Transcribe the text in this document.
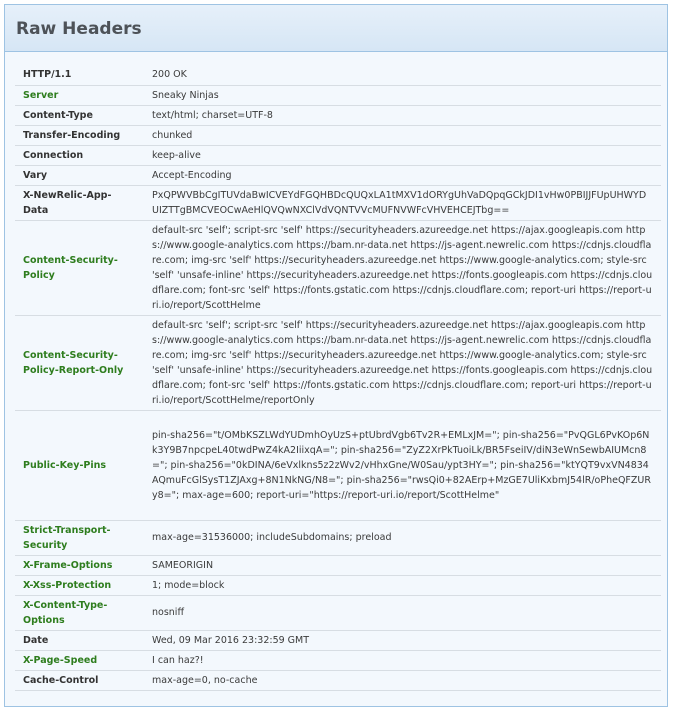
Raw Headers
HTTP/1.1	200 OK
Server	Sneaky Ninjas
Content-Type	text/html; charset=UTF-8
Transfer-Encoding	chunked
Connection	keep-alive
Vary	Accept-Encoding
X-NewRelic-App-Data	PxQPWVBbCgITUVdaBwICVEYdFGQHBDcQUQxLA1tMXV1dORYgUhVaDQpqGCkJDI1vHw0PBIJJFUpUHWYDUIZTTgBMCVEOCwAeHlQVQwNXClVdVQNTVVcMUFNVWFcVHVEHCEJTbg==
Content-Security-Policy	default-src 'self'; script-src 'self' https://securityheaders.azureedge.net https://ajax.googleapis.com https://www.google-analytics.com https://bam.nr-data.net https://js-agent.newrelic.com https://cdnjs.cloudflare.com; img-src 'self' https://securityheaders.azureedge.net https://www.google-analytics.com; style-src 'self' 'unsafe-inline' https://securityheaders.azureedge.net https://fonts.googleapis.com https://cdnjs.cloudflare.com; font-src 'self' https://fonts.gstatic.com https://cdnjs.cloudflare.com; report-uri https://report-uri.io/report/ScottHelme
Content-Security-Policy-Report-Only	default-src 'self'; script-src 'self' https://securityheaders.azureedge.net https://ajax.googleapis.com https://www.google-analytics.com https://bam.nr-data.net https://js-agent.newrelic.com https://cdnjs.cloudflare.com; img-src 'self' https://securityheaders.azureedge.net https://www.google-analytics.com; style-src 'self' 'unsafe-inline' https://securityheaders.azureedge.net https://fonts.googleapis.com https://cdnjs.cloudflare.com; font-src 'self' https://fonts.gstatic.com https://cdnjs.cloudflare.com; report-uri https://report-uri.io/report/ScottHelme/reportOnly
Public-Key-Pins	pin-sha256="t/OMbKSZLWdYUDmhOyUzS+ptUbrdVgb6Tv2R+EMLxJM="; pin-sha256="PvQGL6PvKOp6Nk3Y9B7npcpeL40twdPwZ4kA2IiixqA="; pin-sha256="ZyZ2XrPkTuoiLk/BR5FseiIV/diN3eWnSewbAIUMcn8="; pin-sha256="0kDINA/6eVxlkns5z2zWv2/vHhxGne/W0Sau/ypt3HY="; pin-sha256="ktYQT9vxVN4834AQmuFcGlSysT1ZJAxg+8N1NkNG/N8="; pin-sha256="rwsQi0+82AErp+MzGE7UliKxbmJ54lR/oPheQFZURy8="; max-age=600; report-uri="https://report-uri.io/report/ScottHelme"
Strict-Transport-Security	max-age=31536000; includeSubdomains; preload
X-Frame-Options	SAMEORIGIN
X-Xss-Protection	1; mode=block
X-Content-Type-Options	nosniff
Date	Wed, 09 Mar 2016 23:32:59 GMT
X-Page-Speed	I can haz?!
Cache-Control	max-age=0, no-cache
